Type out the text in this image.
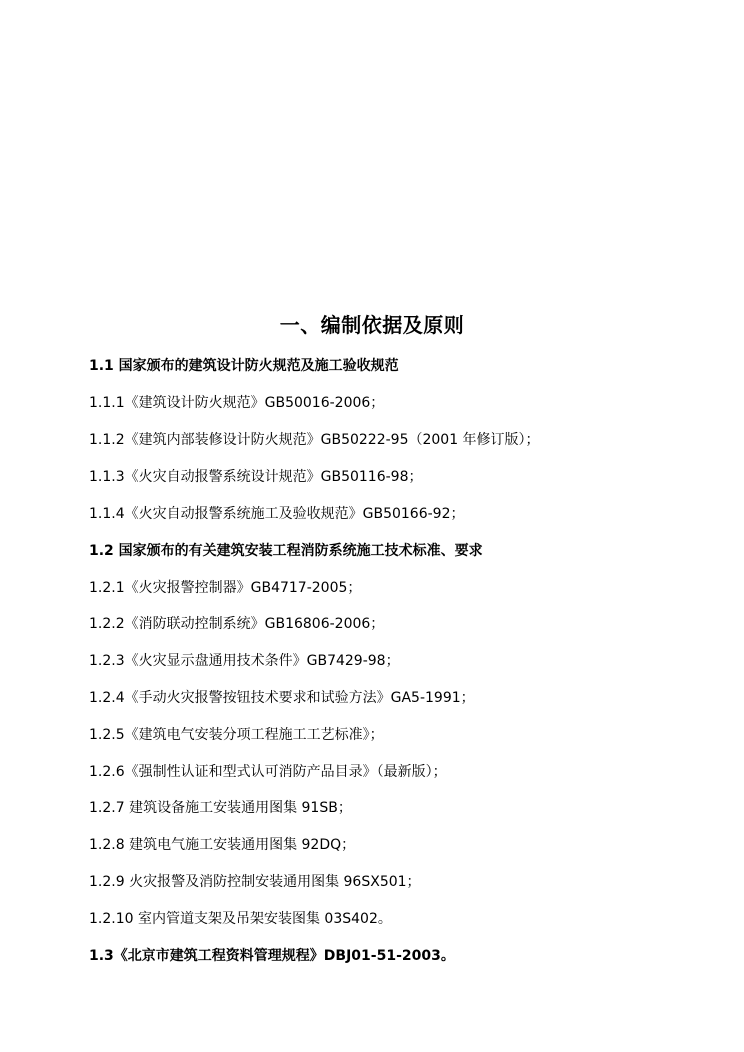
一、编制依据及原则
1.1 国家颁布的建筑设计防火规范及施工验收规范
1.1.1《建筑设计防火规范》GB50016-2006；
1.1.2《建筑内部装修设计防火规范》GB50222-95（2001 年修订版）；
1.1.3《火灾自动报警系统设计规范》GB50116-98；
1.1.4《火灾自动报警系统施工及验收规范》GB50166-92；
1.2 国家颁布的有关建筑安装工程消防系统施工技术标准、要求
1.2.1《火灾报警控制器》GB4717-2005；
1.2.2《消防联动控制系统》GB16806-2006；
1.2.3《火灾显示盘通用技术条件》GB7429-98；
1.2.4《手动火灾报警按钮技术要求和试验方法》GA5-1991；
1.2.5《建筑电气安装分项工程施工工艺标准》；
1.2.6《强制性认证和型式认可消防产品目录》（最新版）；
1.2.7 建筑设备施工安装通用图集 91SB；
1.2.8 建筑电气施工安装通用图集 92DQ；
1.2.9 火灾报警及消防控制安装通用图集 96SX501；
1.2.10 室内管道支架及吊架安装图集 03S402。
1.3《北京市建筑工程资料管理规程》DBJ01-51-2003。
